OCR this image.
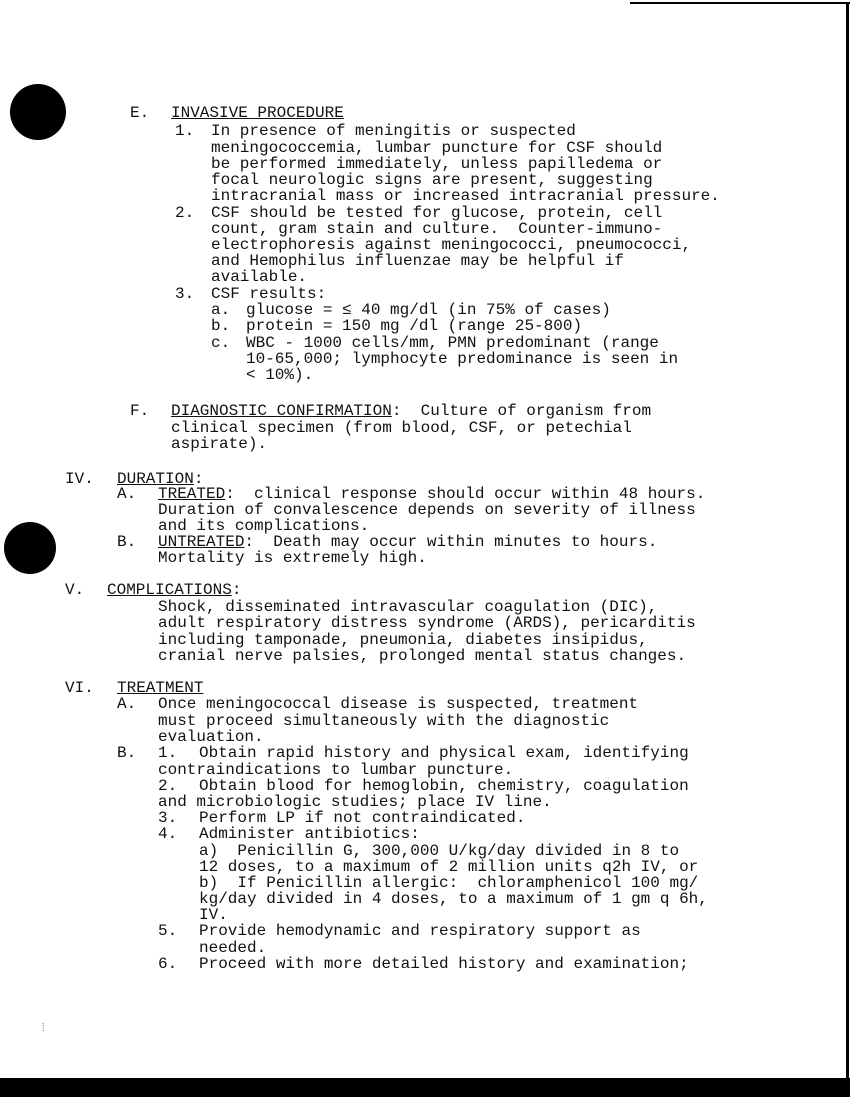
⁞
E. INVASIVE PROCEDURE
1. In presence of meningitis or suspected
meningococcemia, lumbar puncture for CSF should
be performed immediately, unless papilledema or
focal neurologic signs are present, suggesting
intracranial mass or increased intracranial pressure.
2. CSF should be tested for glucose, protein, cell
count, gram stain and culture.  Counter-immuno-
electrophoresis against meningococci, pneumococci,
and Hemophilus influenzae may be helpful if
available.
3. CSF results:
a. glucose = ≤ 40 mg/dl (in 75% of cases)
b. protein = 150 mg /dl (range 25-800)
c. WBC - 1000 cells/mm, PMN predominant (range
10-65,000; lymphocyte predominance is seen in
< 10%).
F. DIAGNOSTIC CONFIRMATION:  Culture of organism from
clinical specimen (from blood, CSF, or petechial
aspirate).
IV. DURATION:
A. TREATED:  clinical response should occur within 48 hours.
Duration of convalescence depends on severity of illness
and its complications.
B. UNTREATED:  Death may occur within minutes to hours.
Mortality is extremely high.
V. COMPLICATIONS:
Shock, disseminated intravascular coagulation (DIC),
adult respiratory distress syndrome (ARDS), pericarditis
including tamponade, pneumonia, diabetes insipidus,
cranial nerve palsies, prolonged mental status changes.
VI. TREATMENT
A. Once meningococcal disease is suspected, treatment
must proceed simultaneously with the diagnostic
evaluation.
B. 1. Obtain rapid history and physical exam, identifying
contraindications to lumbar puncture.
2. Obtain blood for hemoglobin, chemistry, coagulation
and microbiologic studies; place IV line.
3. Perform LP if not contraindicated.
4. Administer antibiotics:
a)  Penicillin G, 300,000 U/kg/day divided in 8 to
12 doses, to a maximum of 2 million units q2h IV, or
b)  If Penicillin allergic:  chloramphenicol 100 mg/
kg/day divided in 4 doses, to a maximum of 1 gm q 6h,
IV.
5. Provide hemodynamic and respiratory support as
needed.
6. Proceed with more detailed history and examination;
